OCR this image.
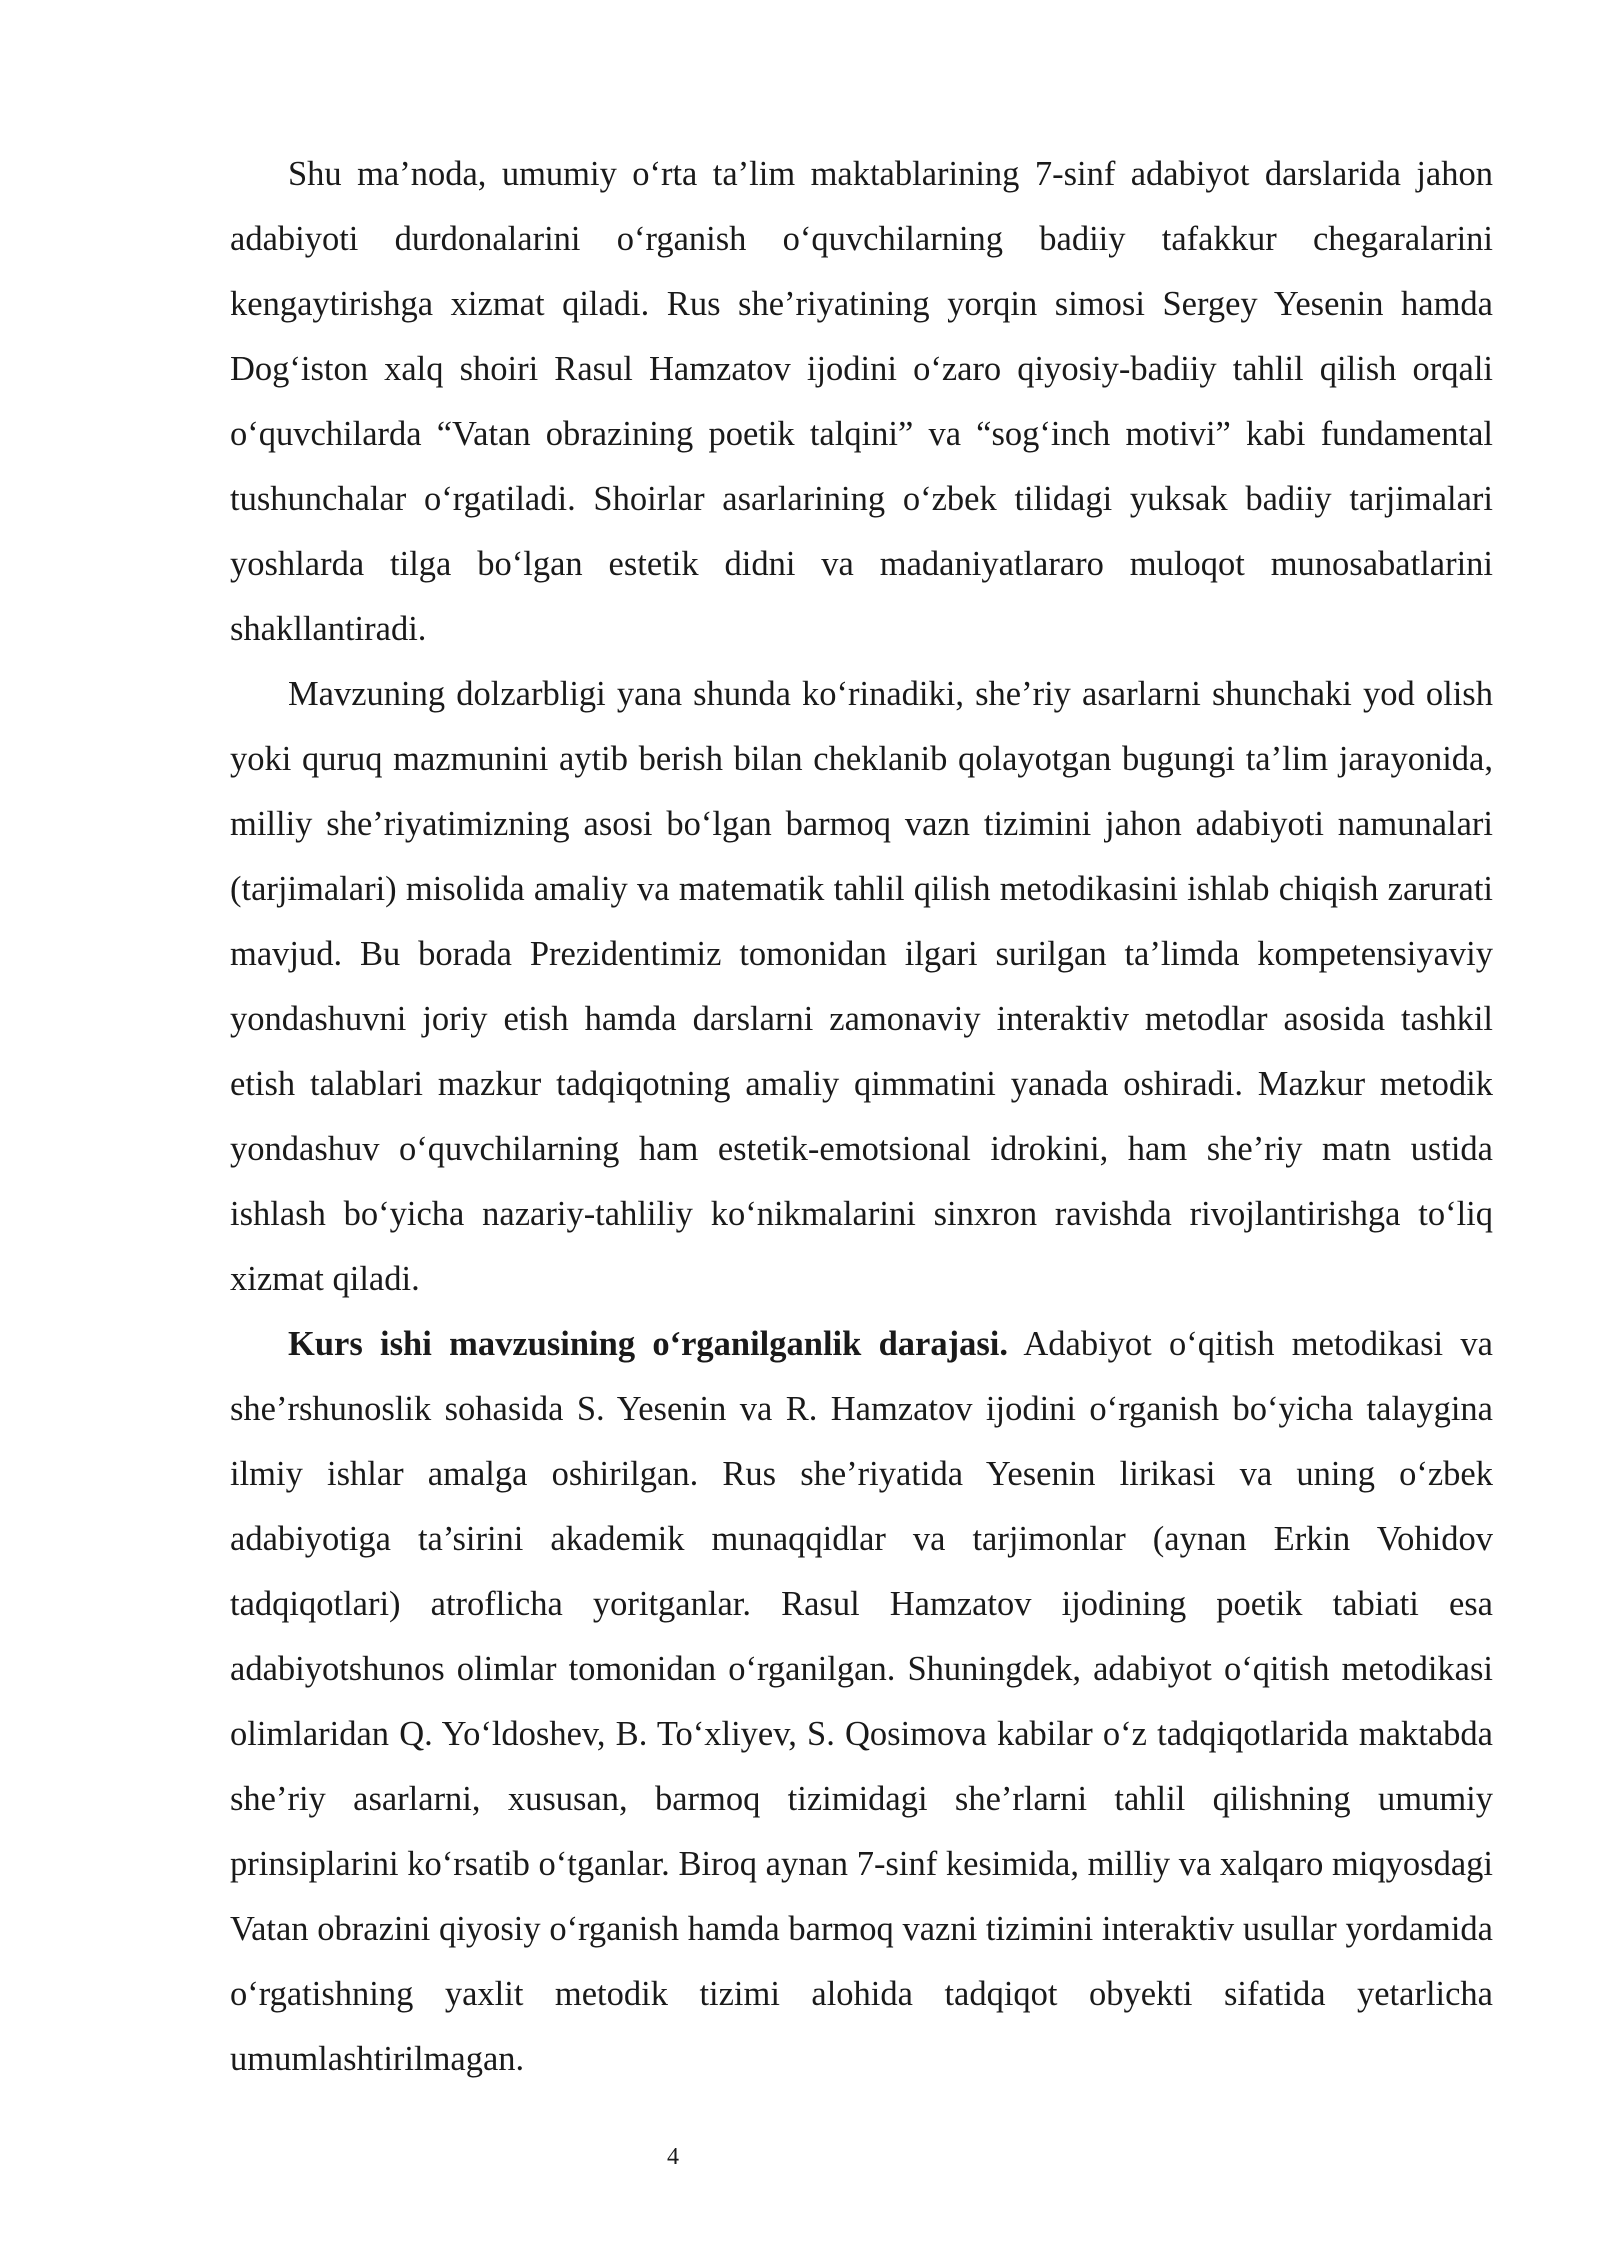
Shu ma’noda, umumiy o‘rta ta’lim maktablarining 7-sinf adabiyot darslarida jahon adabiyoti durdonalarini o‘rganish o‘quvchilarning badiiy tafakkur chegaralarini kengaytirishga xizmat qiladi. Rus she’riyatining yorqin simosi Sergey Yesenin hamda Dog‘iston xalq shoiri Rasul Hamzatov ijodini o‘zaro qiyosiy-badiiy tahlil qilish orqali o‘quvchilarda “Vatan obrazining poetik talqini” va “sog‘inch motivi” kabi fundamental tushunchalar o‘rgatiladi. Shoirlar asarlarining o‘zbek tilidagi yuksak badiiy tarjimalari yoshlarda tilga bo‘lgan estetik didni va madaniyatlararo muloqot munosabatlarini shakllantiradi.

Mavzuning dolzarbligi yana shunda ko‘rinadiki, she’riy asarlarni shunchaki yod olish yoki quruq mazmunini aytib berish bilan cheklanib qolayotgan bugungi ta’lim jarayonida, milliy she’riyatimizning asosi bo‘lgan barmoq vazn tizimini jahon adabiyoti namunalari (tarjimalari) misolida amaliy va matematik tahlil qilish metodikasini ishlab chiqish zarurati mavjud. Bu borada Prezidentimiz tomonidan ilgari surilgan ta’limda kompetensiyaviy yondashuvni joriy etish hamda darslarni zamonaviy interaktiv metodlar asosida tashkil etish talablari mazkur tadqiqotning amaliy qimmatini yanada oshiradi. Mazkur metodik yondashuv o‘quvchilarning ham estetik-emotsional idrokini, ham she’riy matn ustida ishlash bo‘yicha nazariy-tahliliy ko‘nikmalarini sinxron ravishda rivojlantirishga to‘liq xizmat qiladi.

Kurs ishi mavzusining o‘rganilganlik darajasi. Adabiyot o‘qitish metodikasi va she’rshunoslik sohasida S. Yesenin va R. Hamzatov ijodini o‘rganish bo‘yicha talaygina ilmiy ishlar amalga oshirilgan. Rus she’riyatida Yesenin lirikasi va uning o‘zbek adabiyotiga ta’sirini akademik munaqqidlar va tarjimonlar (aynan Erkin Vohidov tadqiqotlari) atroflicha yoritganlar. Rasul Hamzatov ijodining poetik tabiati esa adabiyotshunos olimlar tomonidan o‘rganilgan. Shuningdek, adabiyot o‘qitish metodikasi olimlaridan Q. Yo‘ldoshev, B. To‘xliyev, S. Qosimova kabilar o‘z tadqiqotlarida maktabda she’riy asarlarni, xususan, barmoq tizimidagi she’rlarni tahlil qilishning umumiy prinsiplarini ko‘rsatib o‘tganlar. Biroq aynan 7-sinf kesimida, milliy va xalqaro miqyosdagi Vatan obrazini qiyosiy o‘rganish hamda barmoq vazni tizimini interaktiv usullar yordamida o‘rgatishning yaxlit metodik tizimi alohida tadqiqot obyekti sifatida yetarlicha umumlashtirilmagan.

4
